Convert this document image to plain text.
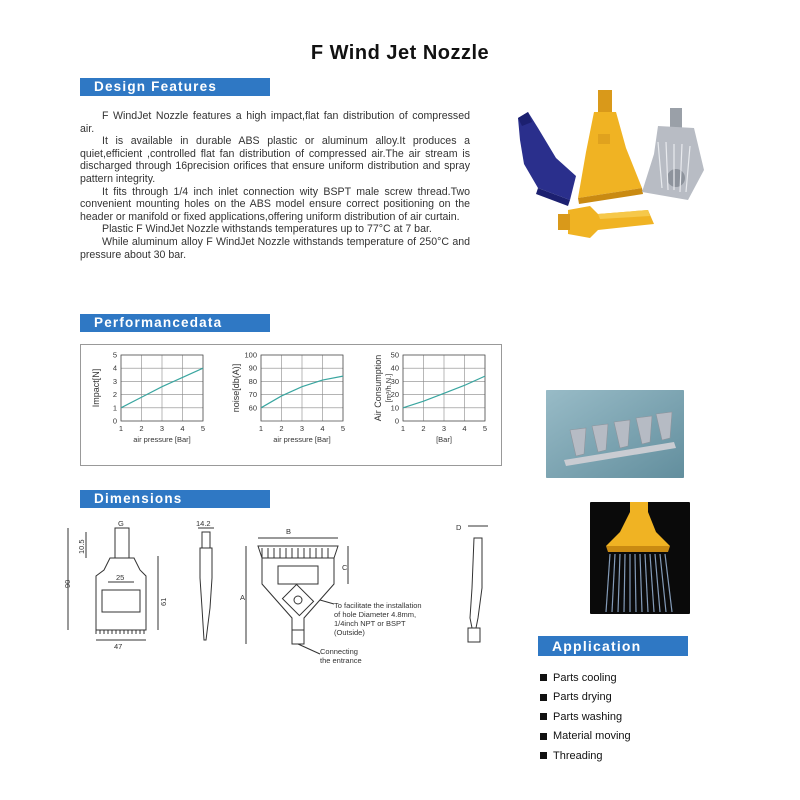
F Wind Jet Nozzle
Design Features

F WindJet Nozzle features a high impact,flat fan distribution of compressed air.

It is available in durable ABS plastic or aluminum alloy.It produces a quiet,efficient ,controlled flat fan distribution of compressed air.The air stream is discharged through 16precision orifices that ensure uniform distribution and spray pattern integrity.

It fits through 1/4 inch inlet connection wity BSPT male screw thread.Two convenient mounting holes on the ABS model ensure correct positioning on the header or manifold or fixed applications,offering uniform distribution of air curtain.

Plastic F WindJet Nozzle withstands temperatures up to 77°C at 7 bar.

While aluminum alloy F WindJet Nozzle withstands temperature of 250°C and pressure about 30 bar.

Performancedata
1 2 3 4 5
0
1
2
3
4
5
air pressure [Bar]
Impact[N]
1 2 3 4 5
60
70
80
90
100
air pressure [Bar]
noise[db(A)]
1 2 3 4 5
0
10
20
30
40
50
[Bar]
Air Consumption [m³/h.N.]
Dimensions
G
10.5
25
90
61
47
14.2
B
A
C
To facilitate the installation
of hole Diameter 4.8mm,
1/4inch NPT or BSPT
(Outside)
Connecting
the entrance
D
Application
Parts cooling
Parts drying
Parts washing
Material moving
Threading
